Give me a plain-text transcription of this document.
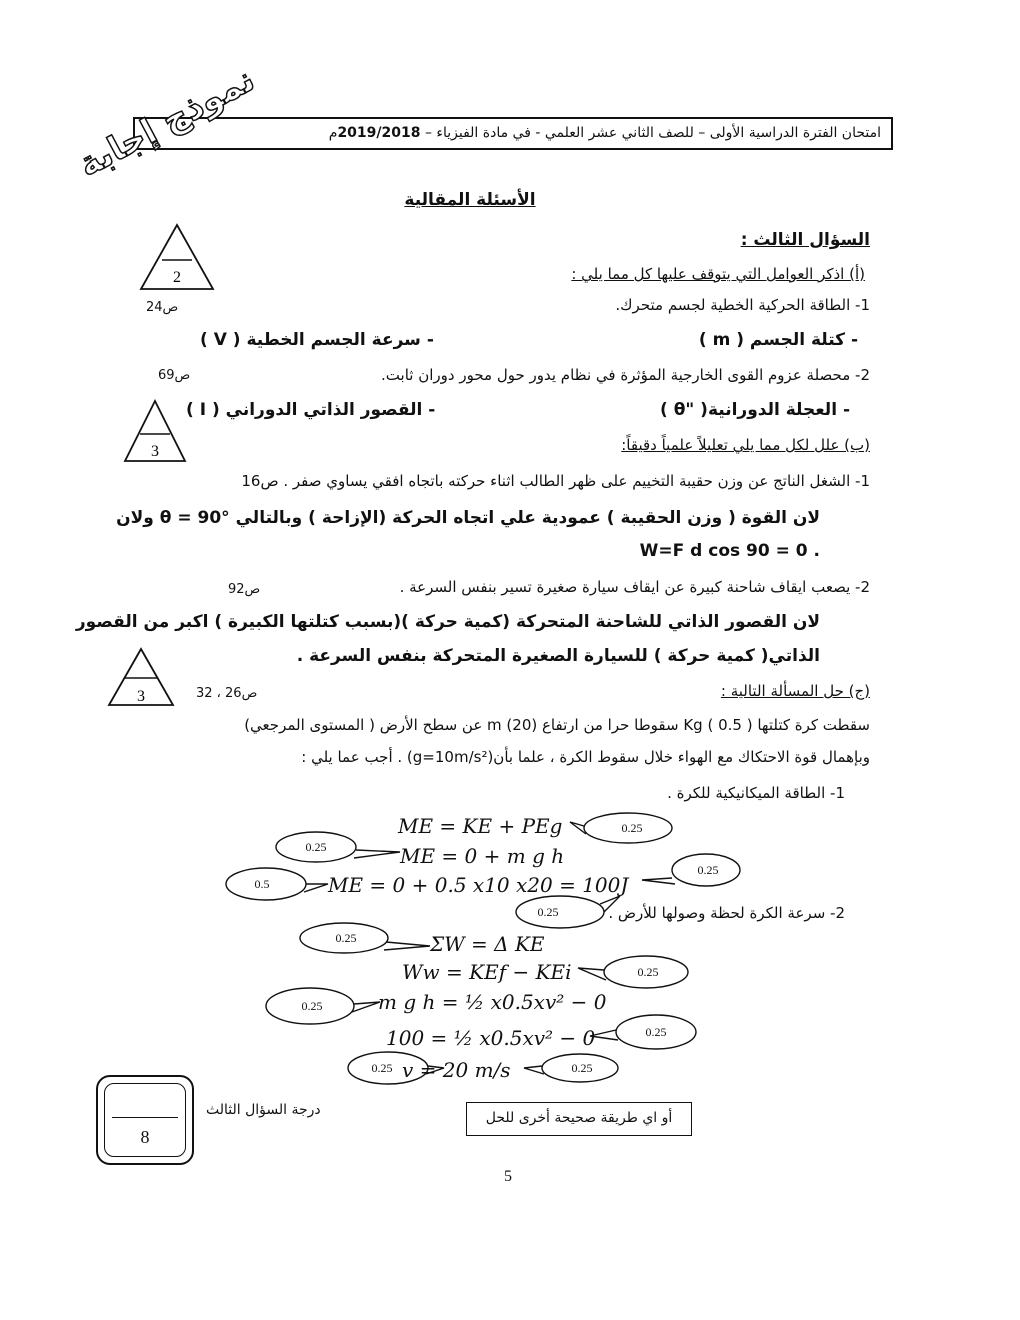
امتحان الفترة الدراسية الأولى – للصف الثاني عشر العلمي - في مادة الفيزياء – 2019/2018م
نموذج إجابة
الأسئلة المقالية
السؤال الثالث :
(أ) اذكر العوامل التي يتوقف عليها كل مما يلي :
2
ص24	1- الطاقة الحركية الخطية لجسم متحرك.
- كتلة الجسم ( m )
- سرعة الجسم الخطية ( V )
ص69	2- محصلة عزوم القوى الخارجية المؤثرة في نظام يدور حول محور دوران ثابت.
- العجلة الدورانية( "θ )
- القصور الذاتي الدوراني ( I )
3	(ب) علل لكل مما يلي تعليلاً علمياً دقيقاً:
1- الشغل الناتج عن وزن حقيبة التخييم على ظهر الطالب اثناء حركته باتجاه افقي يساوي صفر . ص16
لان القوة ( وزن الحقيبة ) عمودية علي اتجاه الحركة (الإزاحة ) وبالتالي θ = 90° ولان
. W=F d cos 90 = 0
ص92	2- يصعب ايقاف شاحنة كبيرة عن ايقاف سيارة صغيرة تسير بنفس السرعة .
لان القصور الذاتي للشاحنة المتحركة (كمية حركة )(بسبب كتلتها الكبيرة ) اكبر من القصور
الذاتي( كمية حركة ) للسيارة الصغيرة المتحركة بنفس السرعة .
3	ص26 ، 32	(ج) حل المسألة التالية :
سقطت كرة كتلتها Kg ( 0.5 ) سقوطا حرا من ارتفاع m (20) عن سطح الأرض ( المستوى المرجعي)
وبإهمال قوة الاحتكاك مع الهواء خلال سقوط الكرة ، علما بأن(g=10m/s²) . أجب عما يلي :
1- الطاقة الميكانيكية للكرة .
2- سرعة الكرة لحظة وصولها للأرض .
ME = KE + PEg
ME = 0 + m g h
ME = 0 + 0.5 x10 x20 = 100J
ΣW = Δ KE
Ww = KEf − KEi
m g h = ½ x0.5xv² − 0
100 = ½ x0.5xv² − 0
v = 20 m/s
0.25
0.25
0.5
0.25
0.25
0.25
0.25
0.25
0.25
0.25	0.25
8
درجة السؤال الثالث	أو اي طريقة صحيحة أخرى للحل
5
